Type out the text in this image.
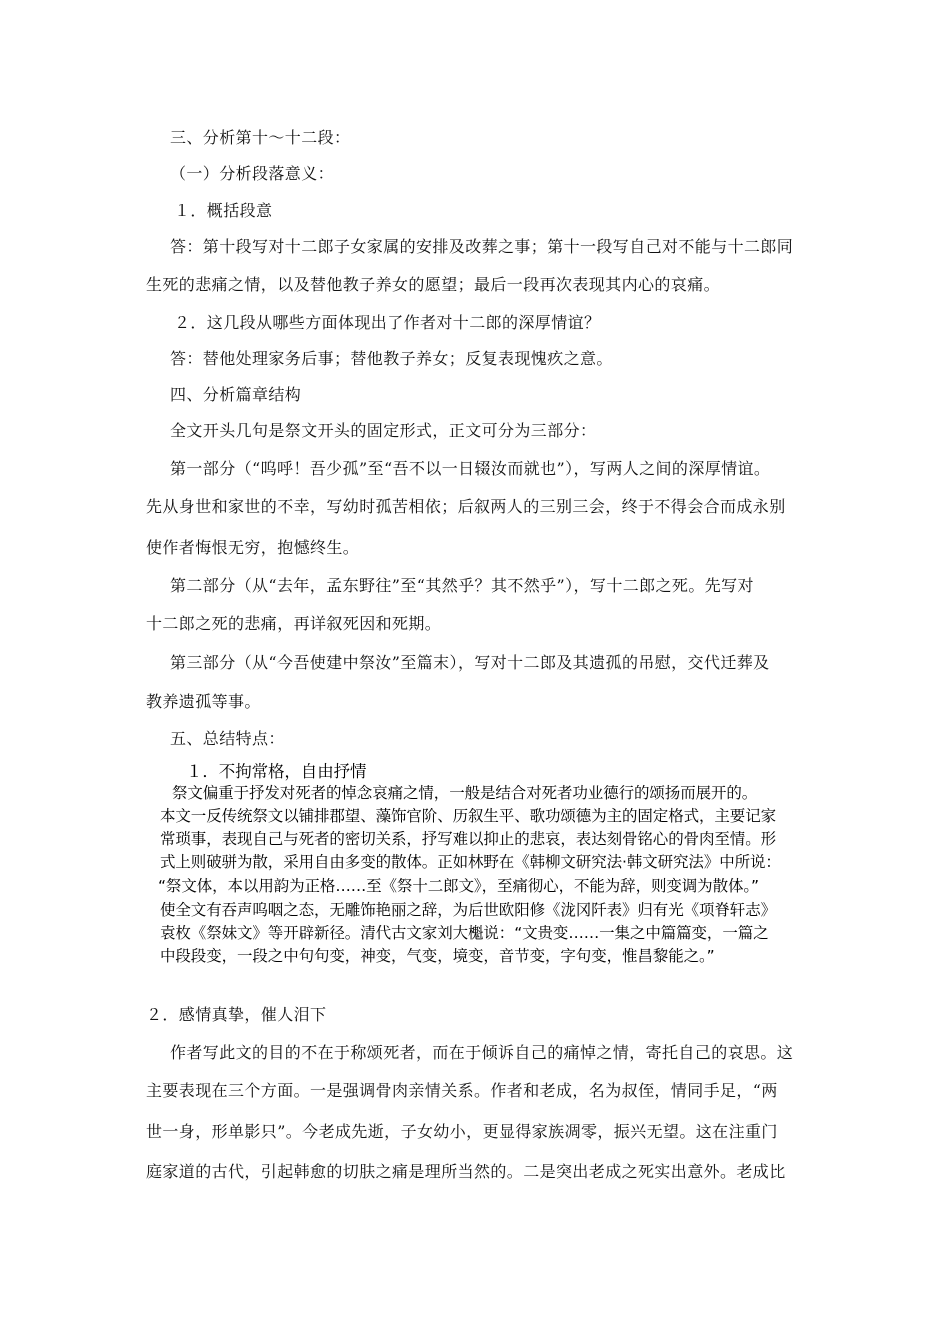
三、分析第十～十二段：
（一）分析段落意义：
１．概括段意
答：第十段写对十二郎子女家属的安排及改葬之事；第十一段写自己对不能与十二郎同
生死的悲痛之情，以及替他教子养女的愿望；最后一段再次表现其内心的哀痛。
２．这几段从哪些方面体现出了作者对十二郎的深厚情谊？
答：替他处理家务后事；替他教子养女；反复表现愧疚之意。
四、分析篇章结构
全文开头几句是祭文开头的固定形式，正文可分为三部分：
第一部分（“呜呼！吾少孤”至“吾不以一日辍汝而就也”），写两人之间的深厚情谊。
先从身世和家世的不幸，写幼时孤苦相依；后叙两人的三别三会，终于不得会合而成永别
使作者悔恨无穷，抱憾终生。
第二部分（从“去年，孟东野往”至“其然乎？其不然乎”），写十二郎之死。先写对
十二郎之死的悲痛，再详叙死因和死期。
第三部分（从“今吾使建中祭汝”至篇末），写对十二郎及其遗孤的吊慰，交代迁葬及
教养遗孤等事。
五、总结特点：
１．不拘常格，自由抒情
祭文偏重于抒发对死者的悼念哀痛之情，一般是结合对死者功业德行的颂扬而展开的。
本文一反传统祭文以铺排郡望、藻饰官阶、历叙生平、歌功颂德为主的固定格式，主要记家
常琐事，表现自己与死者的密切关系，抒写难以抑止的悲哀，表达刻骨铭心的骨肉至情。形
式上则破骈为散，采用自由多变的散体。正如林野在《韩柳文研究法·韩文研究法》中所说：
“祭文体，本以用韵为正格……至《祭十二郎文》，至痛彻心，不能为辞，则变调为散体。”
使全文有吞声呜咽之态，无雕饰艳丽之辞，为后世欧阳修《泷冈阡表》归有光《项脊轩志》
袁枚《祭妹文》等开辟新径。清代古文家刘大櫆说：“文贵变……一集之中篇篇变，一篇之
中段段变，一段之中句句变，神变，气变，境变，音节变，字句变，惟昌黎能之。”
２．感情真挚，催人泪下
作者写此文的目的不在于称颂死者，而在于倾诉自己的痛悼之情，寄托自己的哀思。这
主要表现在三个方面。一是强调骨肉亲情关系。作者和老成，名为叔侄，情同手足，“两
世一身，形单影只”。今老成先逝，子女幼小，更显得家族凋零，振兴无望。这在注重门
庭家道的古代，引起韩愈的切肤之痛是理所当然的。二是突出老成之死实出意外。老成比
